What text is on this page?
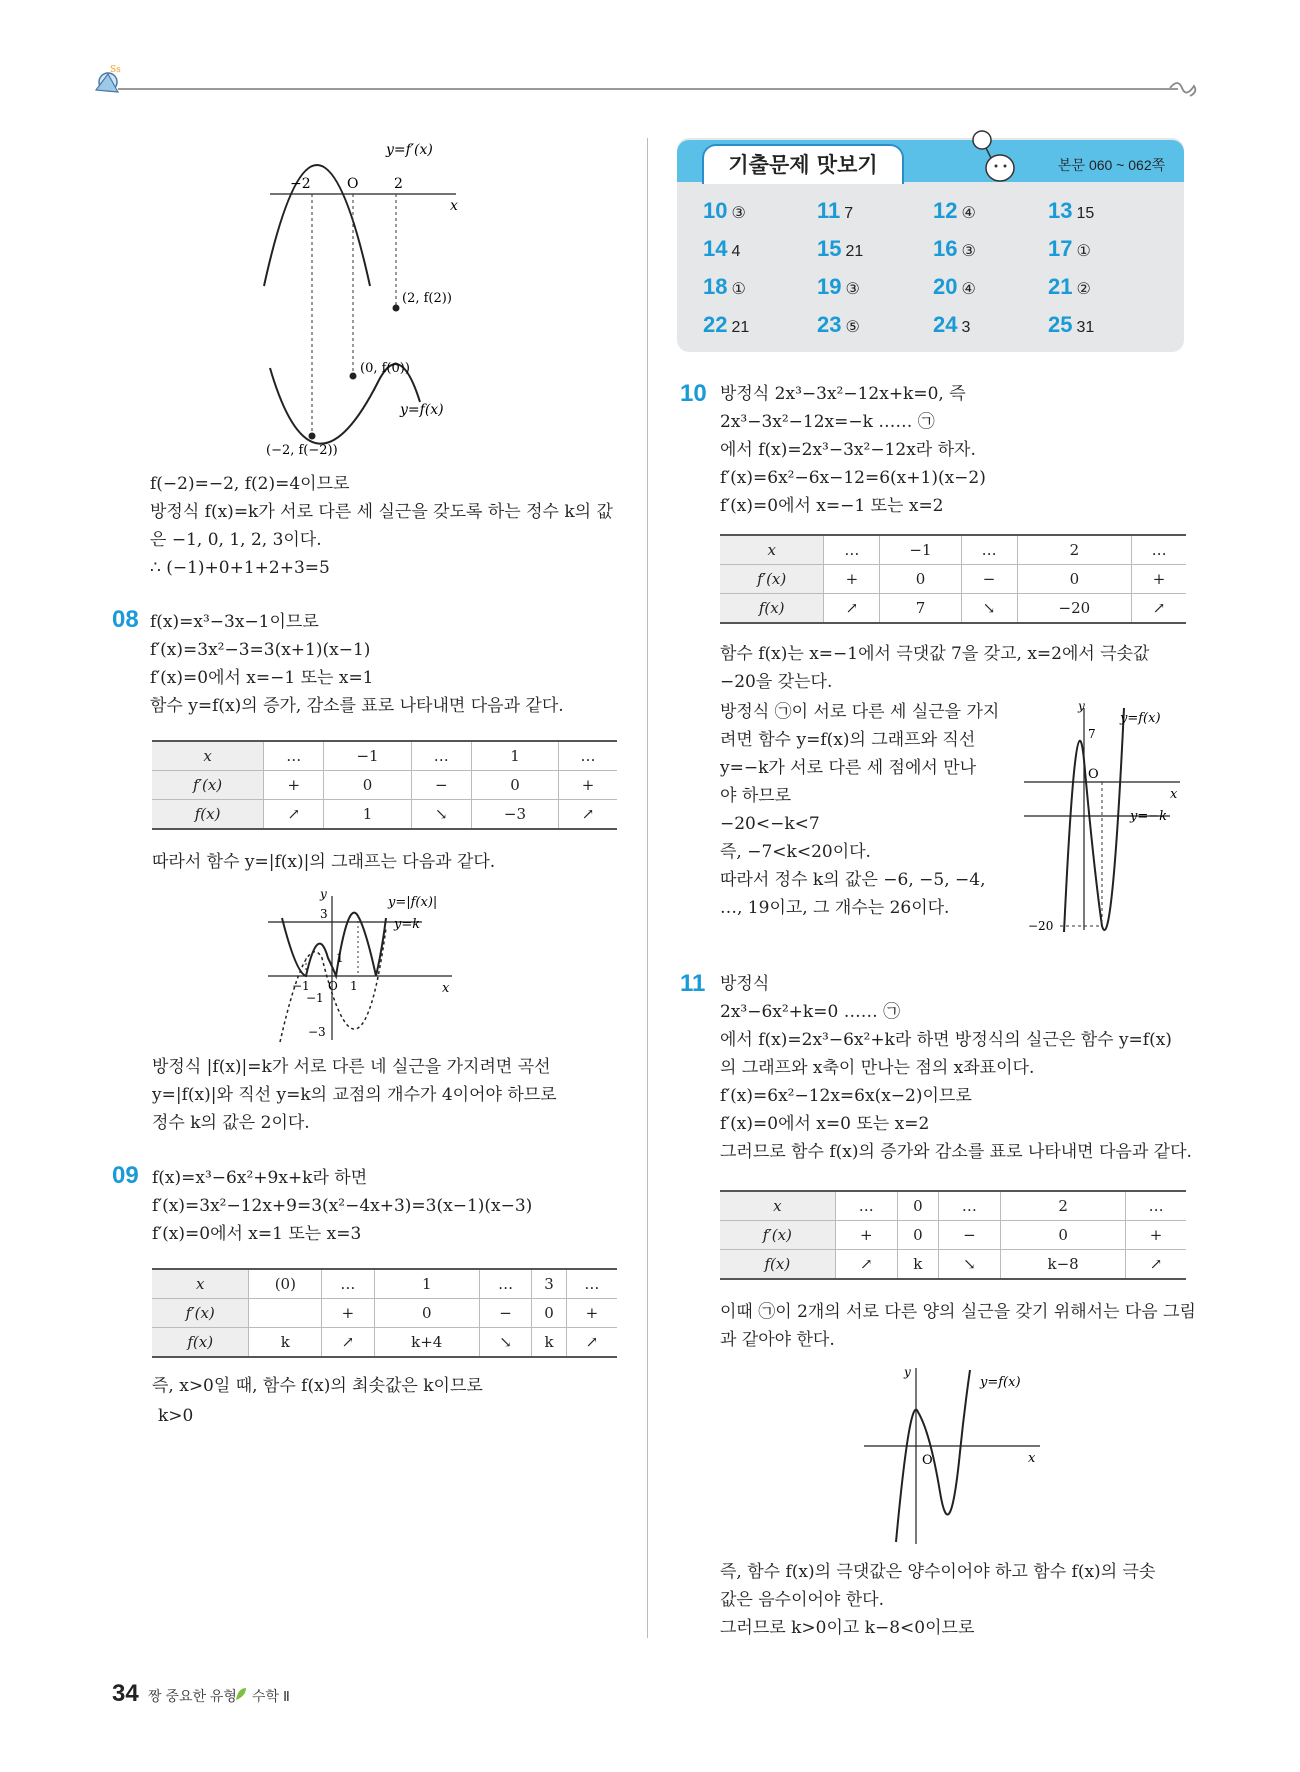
Ss
y=f′(x)
−2	O	2
x
(2, f(2))
(0, f(0))
y=f(x)
(−2, f(−2))
f(−2)=−2, f(2)=4이므로
방정식 f(x)=k가 서로 다른 세 실근을 갖도록 하는 정수 k의 값
은 −1, 0, 1, 2, 3이다.
∴ (−1)+0+1+2+3=5
08 f(x)=x³−3x−1이므로
f′(x)=3x²−3=3(x+1)(x−1)
f′(x)=0에서 x=−1 또는 x=1
함수 y=f(x)의 증가, 감소를 표로 나타내면 다음과 같다.
x	…	−1	…	1	…
f′(x)	+	0	−	0	+
f(x)	↗	1	↘	−3	↗
따라서 함수 y=|f(x)|의 그래프는 다음과 같다.
y
x
y=|f(x)|
y=k
3
1
−1 O 1
−1
−3
방정식 |f(x)|=k가 서로 다른 네 실근을 가지려면 곡선
y=|f(x)|와 직선 y=k의 교점의 개수가 4이어야 하므로
정수 k의 값은 2이다.
09 f(x)=x³−6x²+9x+k라 하면
f′(x)=3x²−12x+9=3(x²−4x+3)=3(x−1)(x−3)
f′(x)=0에서 x=1 또는 x=3
x	(0)	…	1	…	3	…
f′(x)		+	0	−	0	+
f(x)	k	↗	k+4	↘	k	↗
즉, x>0일 때, 함수 f(x)의 최솟값은 k이므로
k>0
기출문제 맛보기	본문 060 ~ 062쪽
10 ③	11 7	12 ④	13 15
14 4	15 21	16 ③	17 ①
18 ①	19 ③	20 ④	21 ②
22 21	23 ⑤	24 3	25 31
10 방정식 2x³−3x²−12x+k=0, 즉
2x³−3x²−12x=−k …… ㉠
에서 f(x)=2x³−3x²−12x라 하자.
f′(x)=6x²−6x−12=6(x+1)(x−2)
f′(x)=0에서 x=−1 또는 x=2
x	…	−1	…	2	…
f′(x)	+	0	−	0	+
f(x)	↗	7	↘	−20	↗
함수 f(x)는 x=−1에서 극댓값 7을 갖고, x=2에서 극솟값
−20을 갖는다.
방정식 ㉠이 서로 다른 세 실근을 가지
려면 함수 y=f(x)의 그래프와 직선
y=−k가 서로 다른 세 점에서 만나
야 하므로
−20<−k<7
즉, −7<k<20이다.
따라서 정수 k의 값은 −6, −5, −4,
…, 19이고, 그 개수는 26이다.
y
y=f(x)
7
O
x
y=−k
−20
11 방정식
2x³−6x²+k=0 …… ㉠
에서 f(x)=2x³−6x²+k라 하면 방정식의 실근은 함수 y=f(x)
의 그래프와 x축이 만나는 점의 x좌표이다.
f′(x)=6x²−12x=6x(x−2)이므로
f′(x)=0에서 x=0 또는 x=2
그러므로 함수 f(x)의 증가와 감소를 표로 나타내면 다음과 같다.
x	…	0	…	2	…
f′(x)	+	0	−	0	+
f(x)	↗	k	↘	k−8	↗
이때 ㉠이 2개의 서로 다른 양의 실근을 갖기 위해서는 다음 그림
과 같아야 한다.
y
y=f(x)
O	x
즉, 함수 f(x)의 극댓값은 양수이어야 하고 함수 f(x)의 극솟
값은 음수이어야 한다.
그러므로 k>0이고 k−8<0이므로
34 짱 중요한 유형 수학 Ⅱ
